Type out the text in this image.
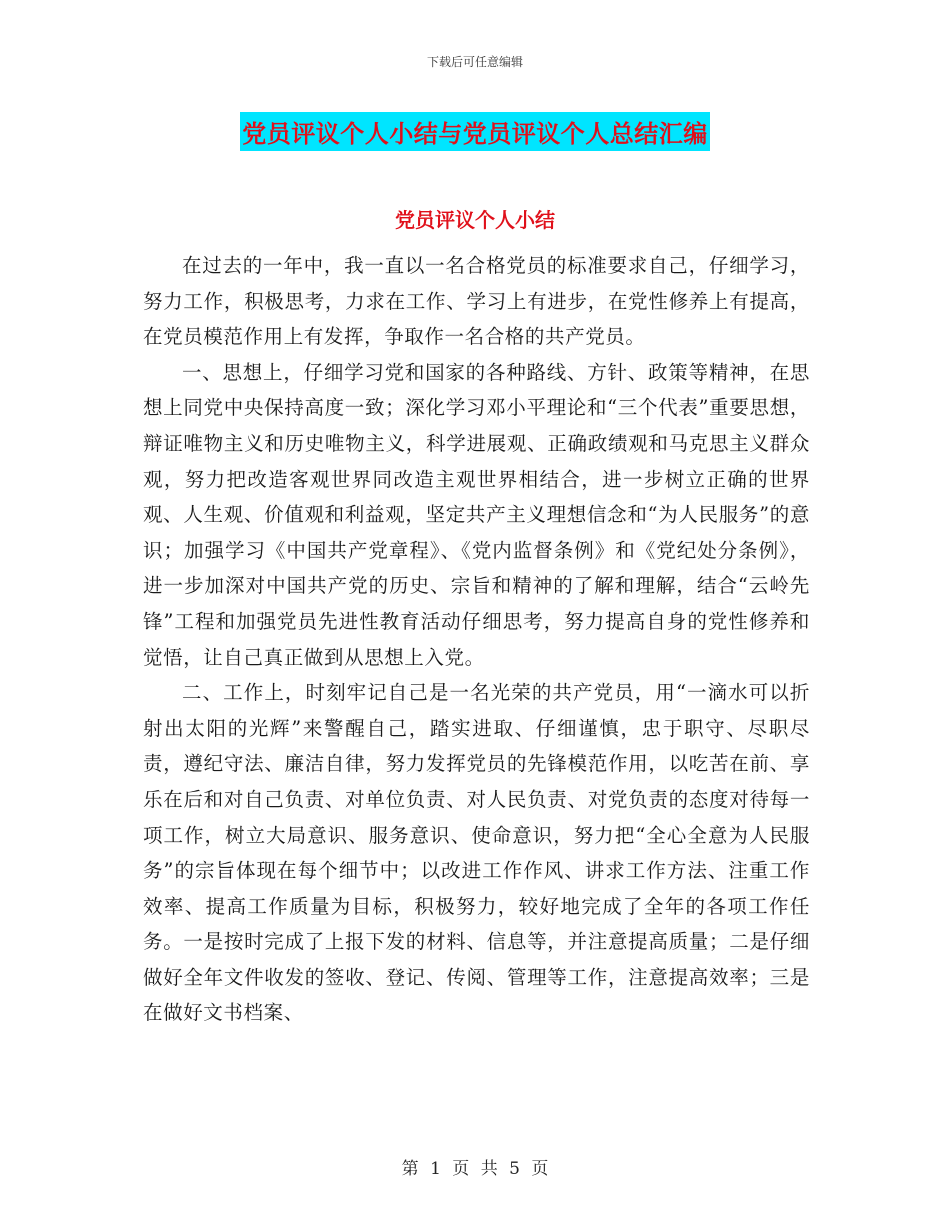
下载后可任意编辑
党员评议个人小结与党员评议个人总结汇编
党员评议个人小结

在过去的一年中，我一直以一名合格党员的标准要求自己，仔细学习，努力工作，积极思考，力求在工作、学习上有进步，在党性修养上有提高，在党员模范作用上有发挥，争取作一名合格的共产党员。

一、思想上，仔细学习党和国家的各种路线、方针、政策等精神，在思想上同党中央保持高度一致；深化学习邓小平理论和“三个代表”重要思想，辩证唯物主义和历史唯物主义，科学进展观、正确政绩观和马克思主义群众观，努力把改造客观世界同改造主观世界相结合，进一步树立正确的世界观、人生观、价值观和利益观，坚定共产主义理想信念和“为人民服务”的意识；加强学习《中国共产党章程》、《党内监督条例》和《党纪处分条例》，进一步加深对中国共产党的历史、宗旨和精神的了解和理解，结合“云岭先锋”工程和加强党员先进性教育活动仔细思考，努力提高自身的党性修养和觉悟，让自己真正做到从思想上入党。

二、工作上，时刻牢记自己是一名光荣的共产党员，用“一滴水可以折射出太阳的光辉”来警醒自己，踏实进取、仔细谨慎，忠于职守、尽职尽责，遵纪守法、廉洁自律，努力发挥党员的先锋模范作用，以吃苦在前、享乐在后和对自己负责、对单位负责、对人民负责、对党负责的态度对待每一项工作，树立大局意识、服务意识、使命意识，努力把“全心全意为人民服务”的宗旨体现在每个细节中；以改进工作作风、讲求工作方法、注重工作效率、提高工作质量为目标，积极努力，较好地完成了全年的各项工作任务。一是按时完成了上报下发的材料、信息等，并注意提高质量；二是仔细做好全年文件收发的签收、登记、传阅、管理等工作，注意提高效率；三是在做好文书档案、

第 1 页 共 5 页
